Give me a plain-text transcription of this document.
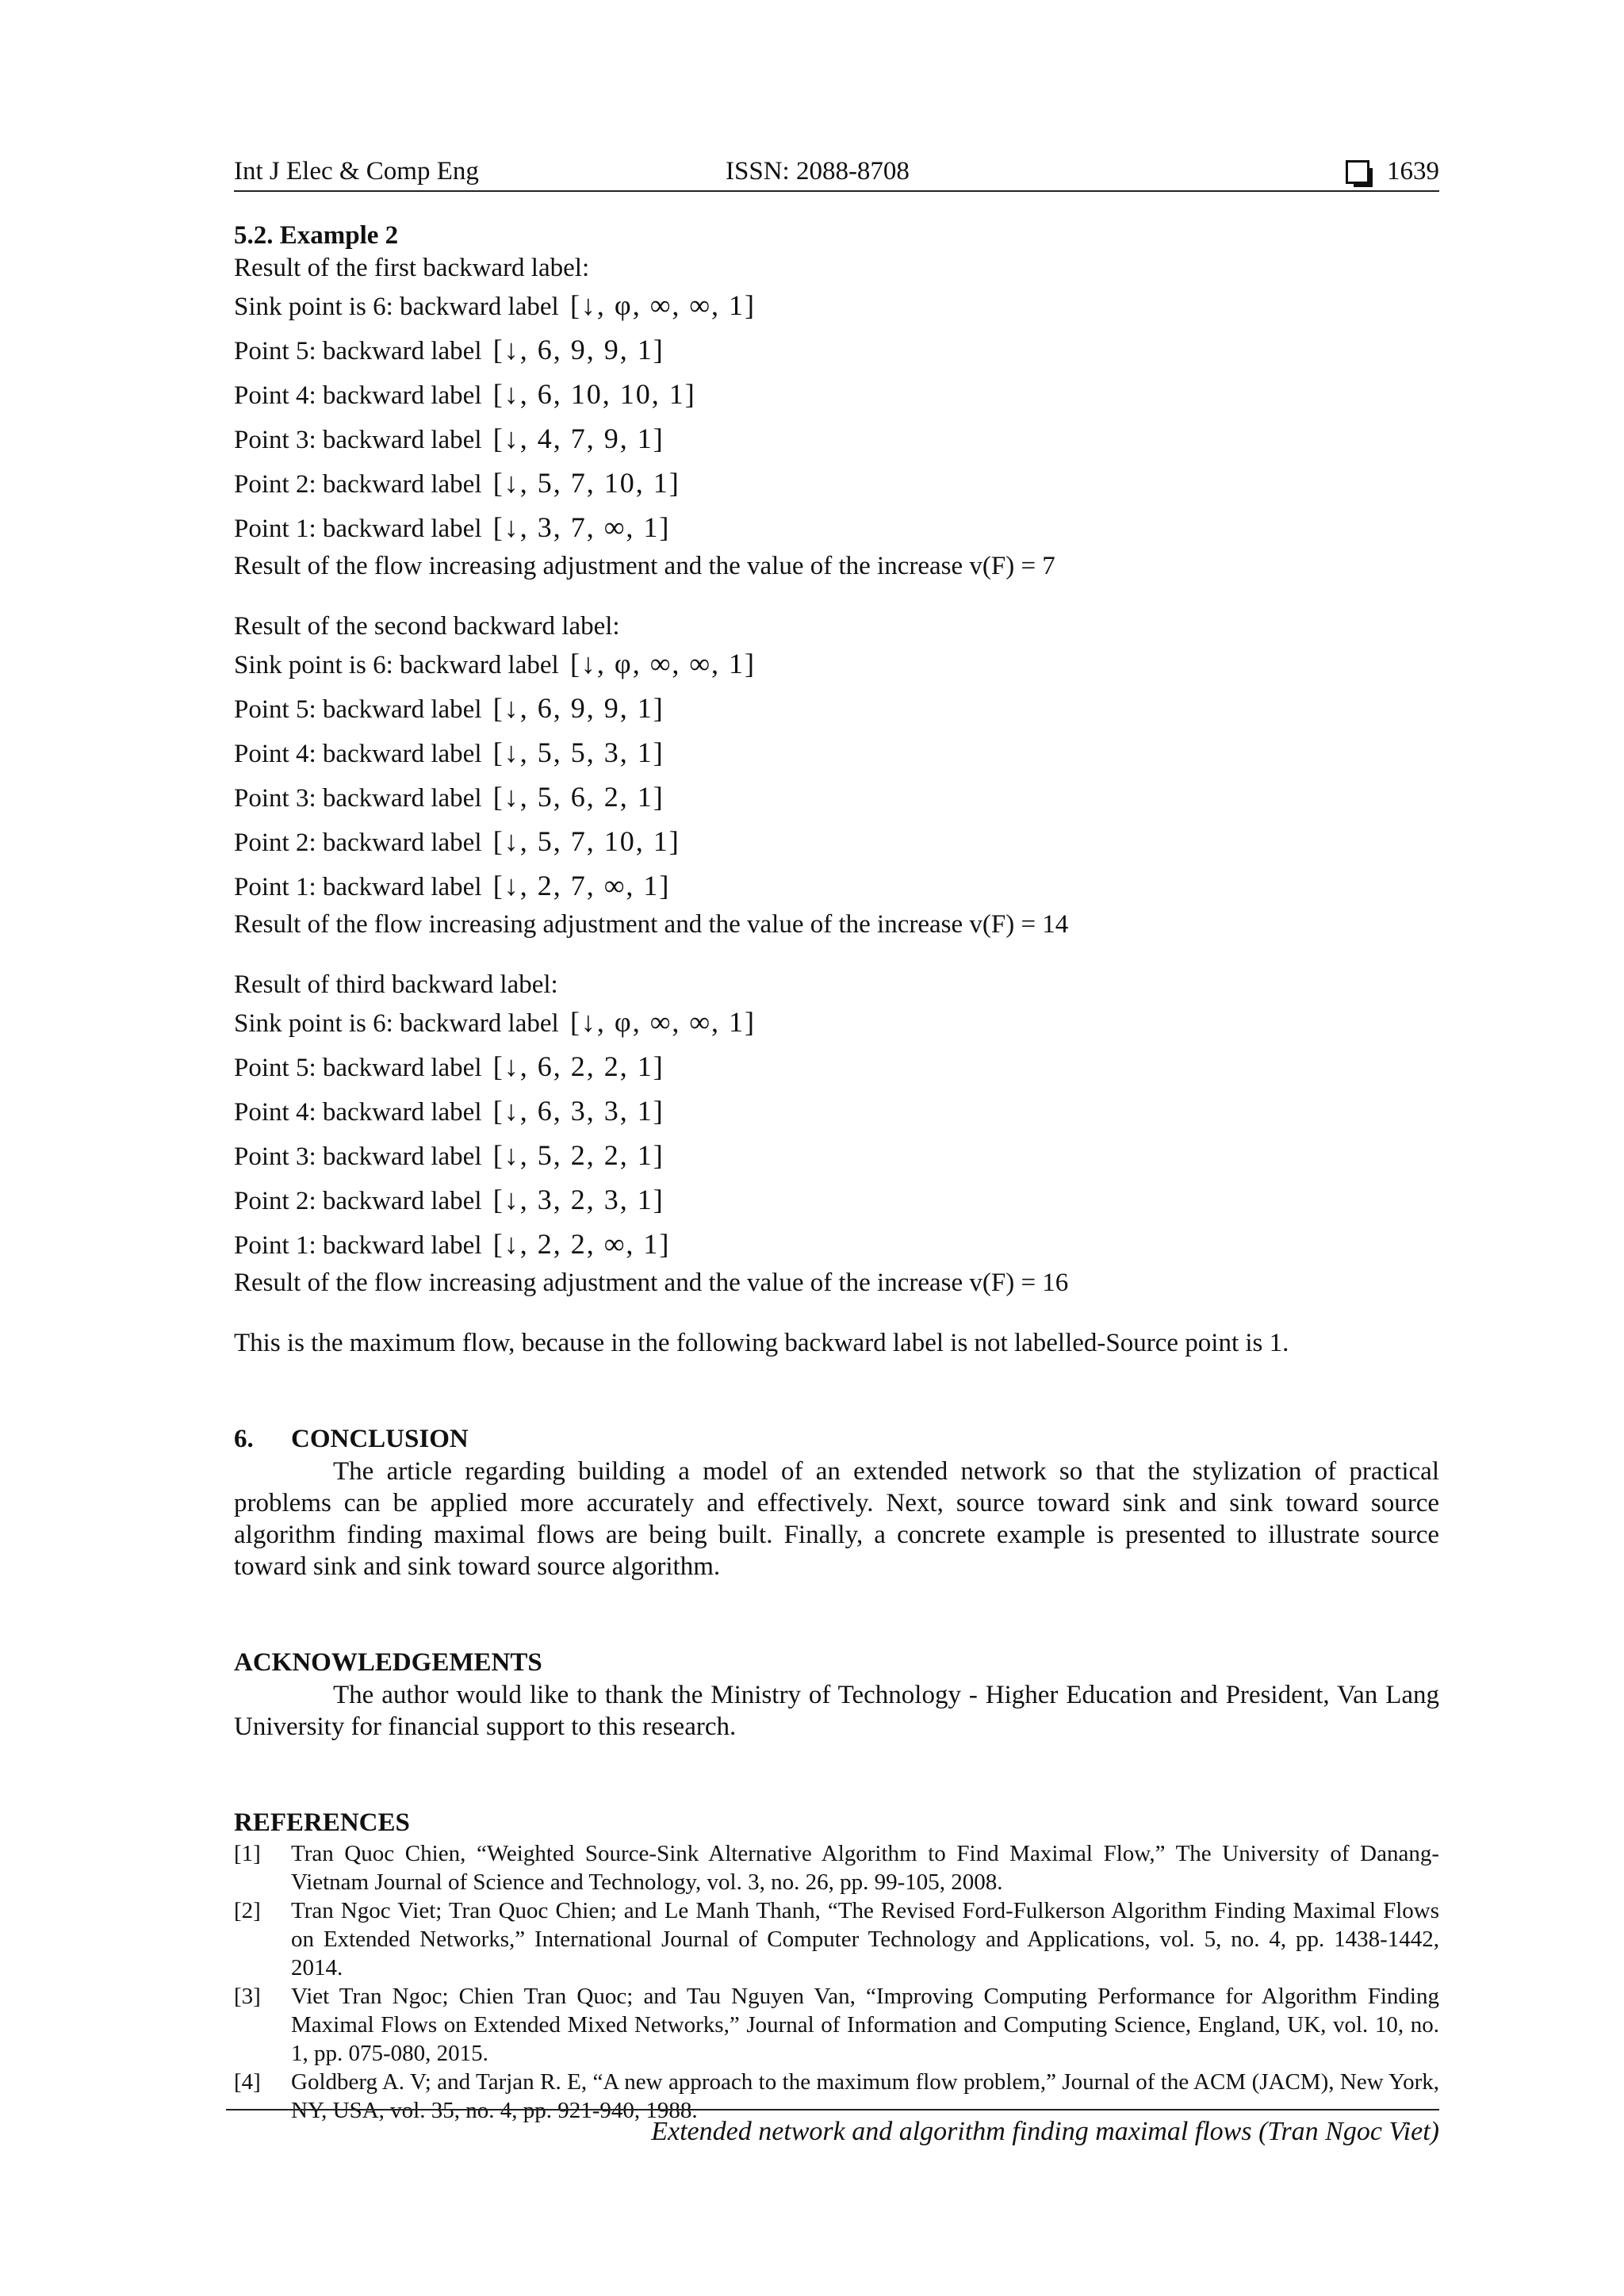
Int J Elec & Comp Eng	ISSN: 2088-8708	1639

5.2. Example 2

Result of the first backward label:

Sink point is 6: backward label [↓, φ, ∞, ∞, 1]

Point 5: backward label [↓, 6, 9, 9, 1]

Point 4: backward label [↓, 6, 10, 10, 1]

Point 3: backward label [↓, 4, 7, 9, 1]

Point 2: backward label [↓, 5, 7, 10, 1]

Point 1: backward label [↓, 3, 7, ∞, 1]

Result of the flow increasing adjustment and the value of the increase v(F) = 7

Result of the second backward label:

Sink point is 6: backward label [↓, φ, ∞, ∞, 1]

Point 5: backward label [↓, 6, 9, 9, 1]

Point 4: backward label [↓, 5, 5, 3, 1]

Point 3: backward label [↓, 5, 6, 2, 1]

Point 2: backward label [↓, 5, 7, 10, 1]

Point 1: backward label [↓, 2, 7, ∞, 1]

Result of the flow increasing adjustment and the value of the increase v(F) = 14

Result of third backward label:

Sink point is 6: backward label [↓, φ, ∞, ∞, 1]

Point 5: backward label [↓, 6, 2, 2, 1]

Point 4: backward label [↓, 6, 3, 3, 1]

Point 3: backward label [↓, 5, 2, 2, 1]

Point 2: backward label [↓, 3, 2, 3, 1]

Point 1: backward label [↓, 2, 2, ∞, 1]

Result of the flow increasing adjustment and the value of the increase v(F) = 16

This is the maximum flow, because in the following backward label is not labelled-Source point is 1.

6. CONCLUSION

The article regarding building a model of an extended network so that the stylization of practical problems can be applied more accurately and effectively. Next, source toward sink and sink toward source algorithm finding maximal flows are being built. Finally, a concrete example is presented to illustrate source toward sink and sink toward source algorithm.

ACKNOWLEDGEMENTS

The author would like to thank the Ministry of Technology - Higher Education and President, Van Lang University for financial support to this research.

REFERENCES

[1] Tran Quoc Chien, “Weighted Source-Sink Alternative Algorithm to Find Maximal Flow,” The University of Danang-Vietnam Journal of Science and Technology, vol. 3, no. 26, pp. 99-105, 2008.
[2] Tran Ngoc Viet; Tran Quoc Chien; and Le Manh Thanh, “The Revised Ford-Fulkerson Algorithm Finding Maximal Flows on Extended Networks,” International Journal of Computer Technology and Applications, vol. 5, no. 4, pp. 1438-1442, 2014.
[3] Viet Tran Ngoc; Chien Tran Quoc; and Tau Nguyen Van, “Improving Computing Performance for Algorithm Finding Maximal Flows on Extended Mixed Networks,” Journal of Information and Computing Science, England, UK, vol. 10, no. 1, pp. 075-080, 2015.
[4] Goldberg A. V; and Tarjan R. E, “A new approach to the maximum flow problem,” Journal of the ACM (JACM), New York, NY, USA, vol. 35, no. 4, pp. 921-940, 1988.
Extended network and algorithm finding maximal flows (Tran Ngoc Viet)
